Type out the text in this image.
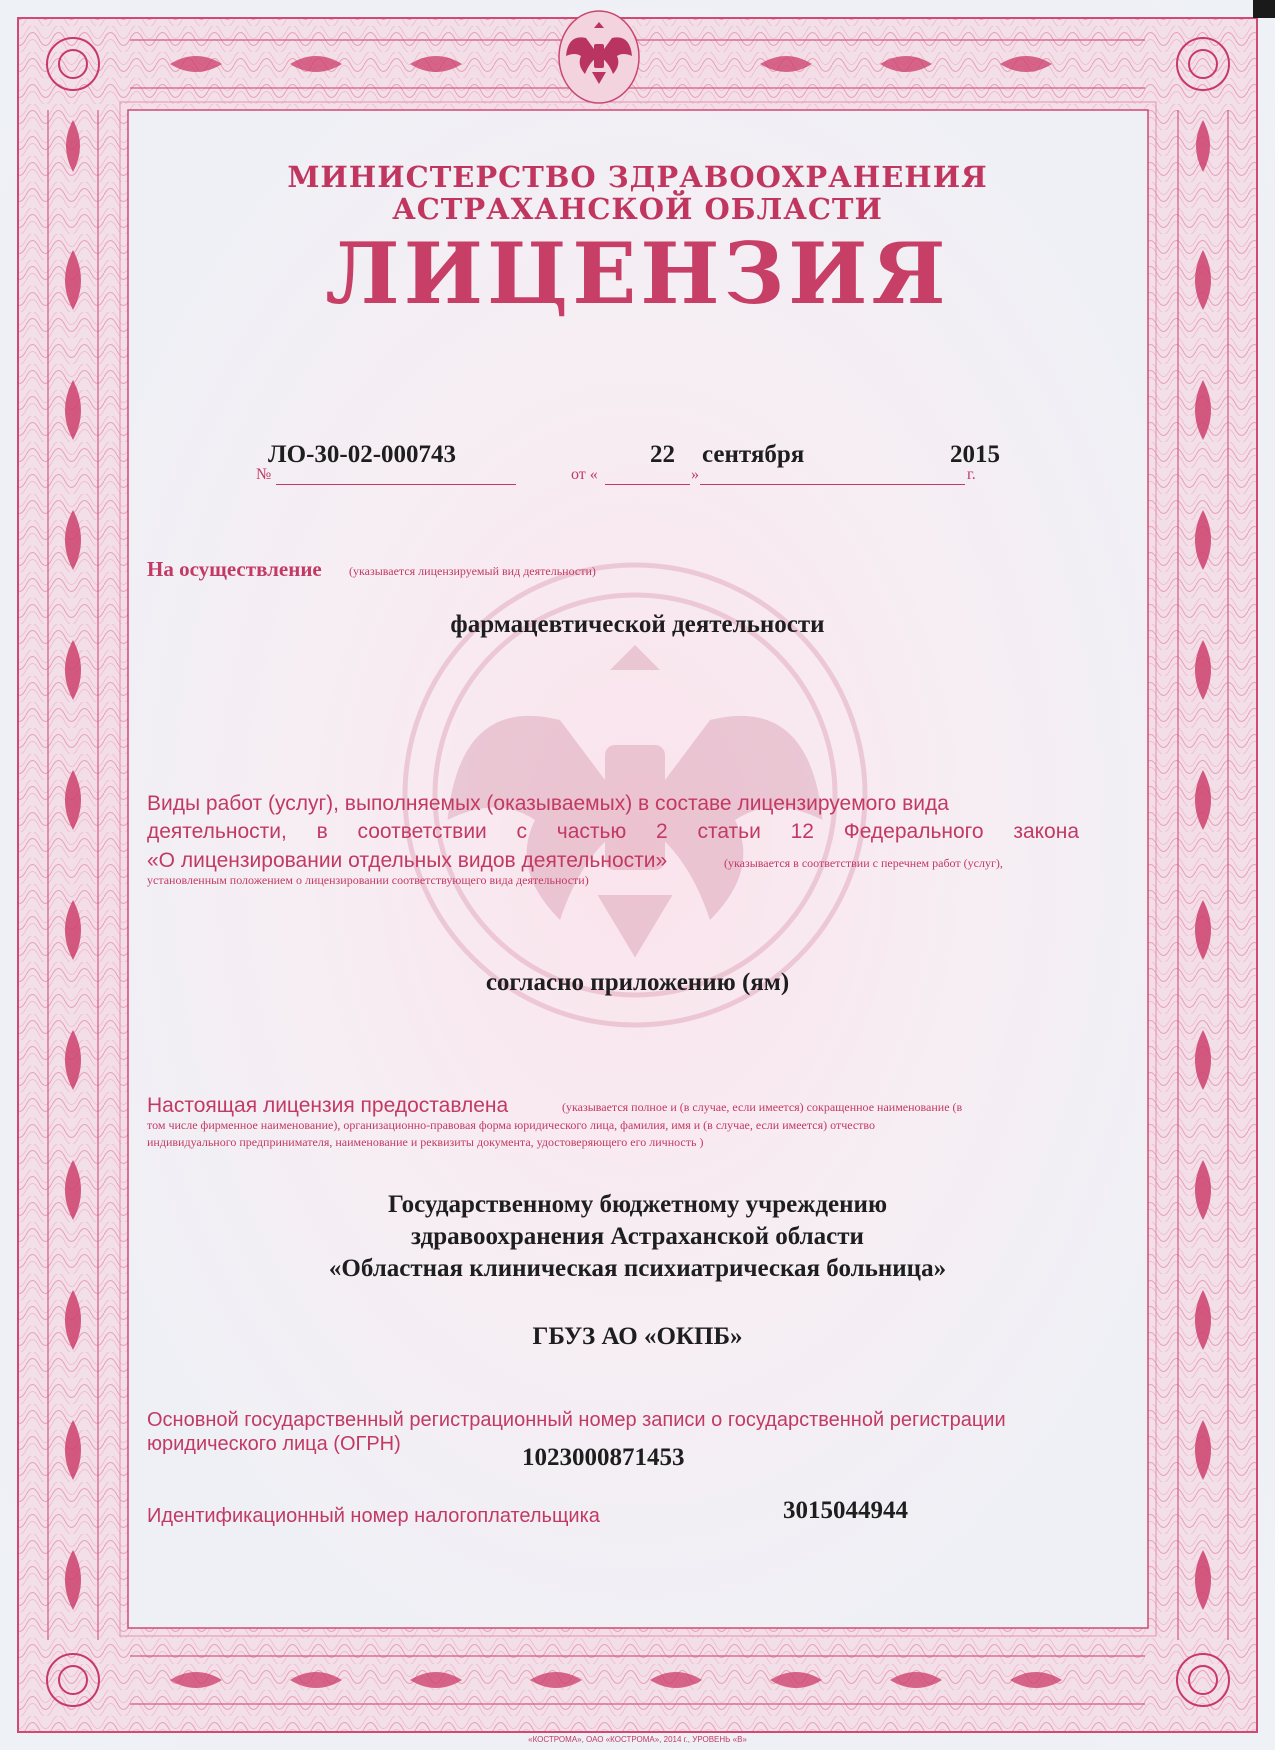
МИНИСТЕРСТВО ЗДРАВООХРАНЕНИЯ
АСТРАХАНСКОЙ ОБЛАСТИ
ЛИЦЕНЗИЯ
№
ЛО-30-02-000743
от «	»
22 сентября	2015
г.
На осуществление (указывается лицензируемый вид деятельности)
фармацевтической деятельности
Виды работ (услуг), выполняемых (оказываемых) в составе лицензируемого вида
деятельности, в соответствии с частью 2 статьи 12 Федерального закона
«О лицензировании отдельных видов деятельности»	(указывается в соответствии с перечнем работ (услуг),
установленным положением о лицензировании соответствующего вида деятельности)
согласно приложению (ям)
Настоящая лицензия предоставлена	(указывается полное и (в случае, если имеется) сокращенное наименование (в
том числе фирменное наименование), организационно-правовая форма юридического лица, фамилия, имя и (в случае, если имеется) отчество
индивидуального предпринимателя, наименование и реквизиты документа, удостоверяющего его личность )
Государственному бюджетному учреждению
здравоохранения Астраханской области
«Областная клиническая психиатрическая больница»
ГБУЗ АО «ОКПБ»
Основной государственный регистрационный номер записи о государственной регистрации
юридического лица (ОГРН)	1023000871453
Идентификационный номер налогоплательщика	3015044944
«КОСТРОМА», ОАО «КОСТРОМА», 2014 г., УРОВЕНЬ «В»
